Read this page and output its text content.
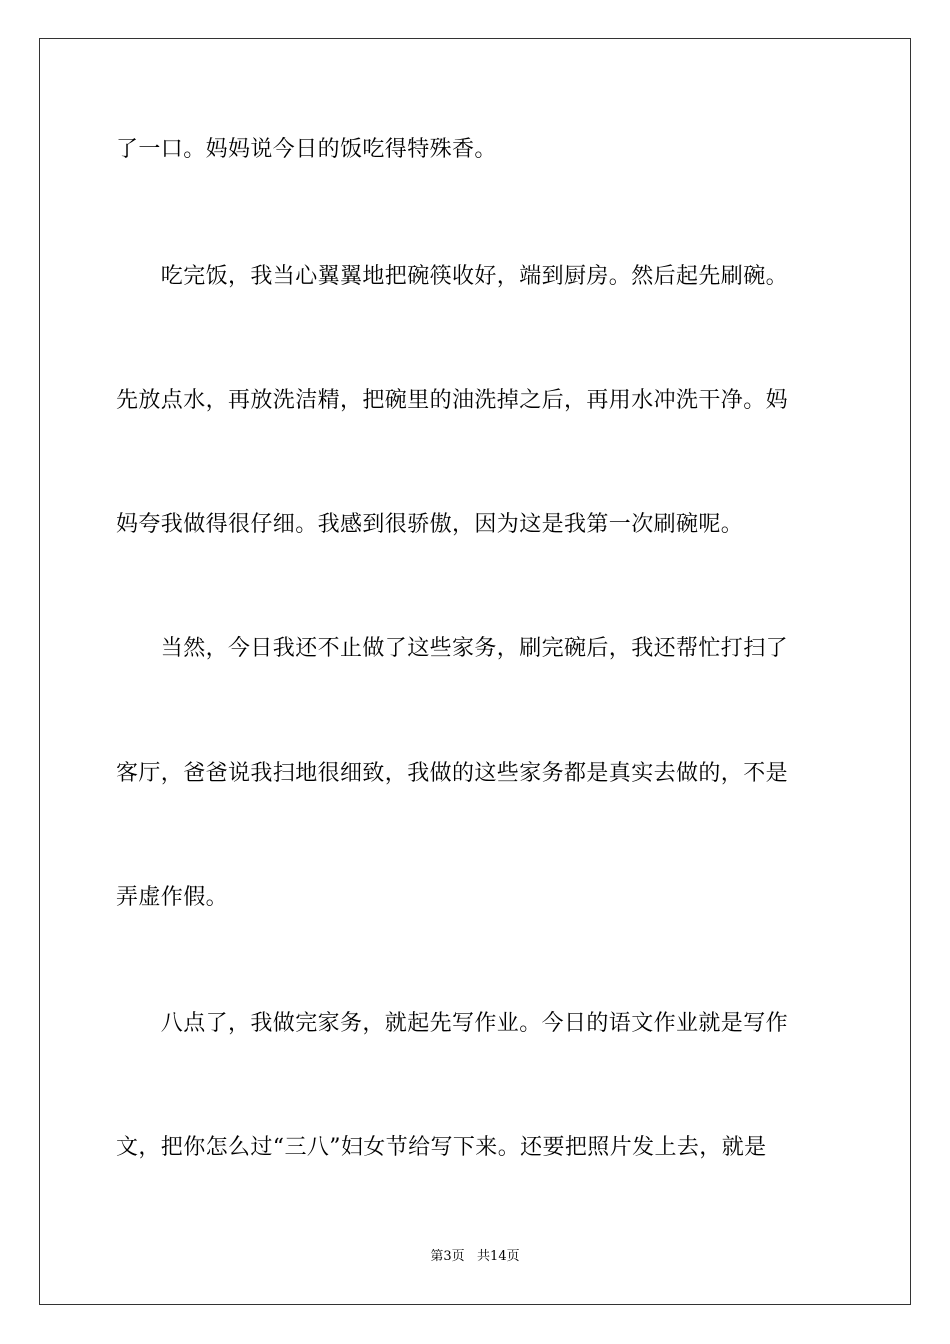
了一口。妈妈说今日的饭吃得特殊香。
　　吃完饭，我当心翼翼地把碗筷收好，端到厨房。然后起先刷碗。
先放点水，再放洗洁精，把碗里的油洗掉之后，再用水冲洗干净。妈
妈夸我做得很仔细。我感到很骄傲，因为这是我第一次刷碗呢。
　　当然，今日我还不止做了这些家务，刷完碗后，我还帮忙打扫了
客厅，爸爸说我扫地很细致，我做的这些家务都是真实去做的，不是
弄虚作假。
　　八点了，我做完家务，就起先写作业。今日的语文作业就是写作
文，把你怎么过“三八”妇女节给写下来。还要把照片发上去，就是
第3页   共14页
